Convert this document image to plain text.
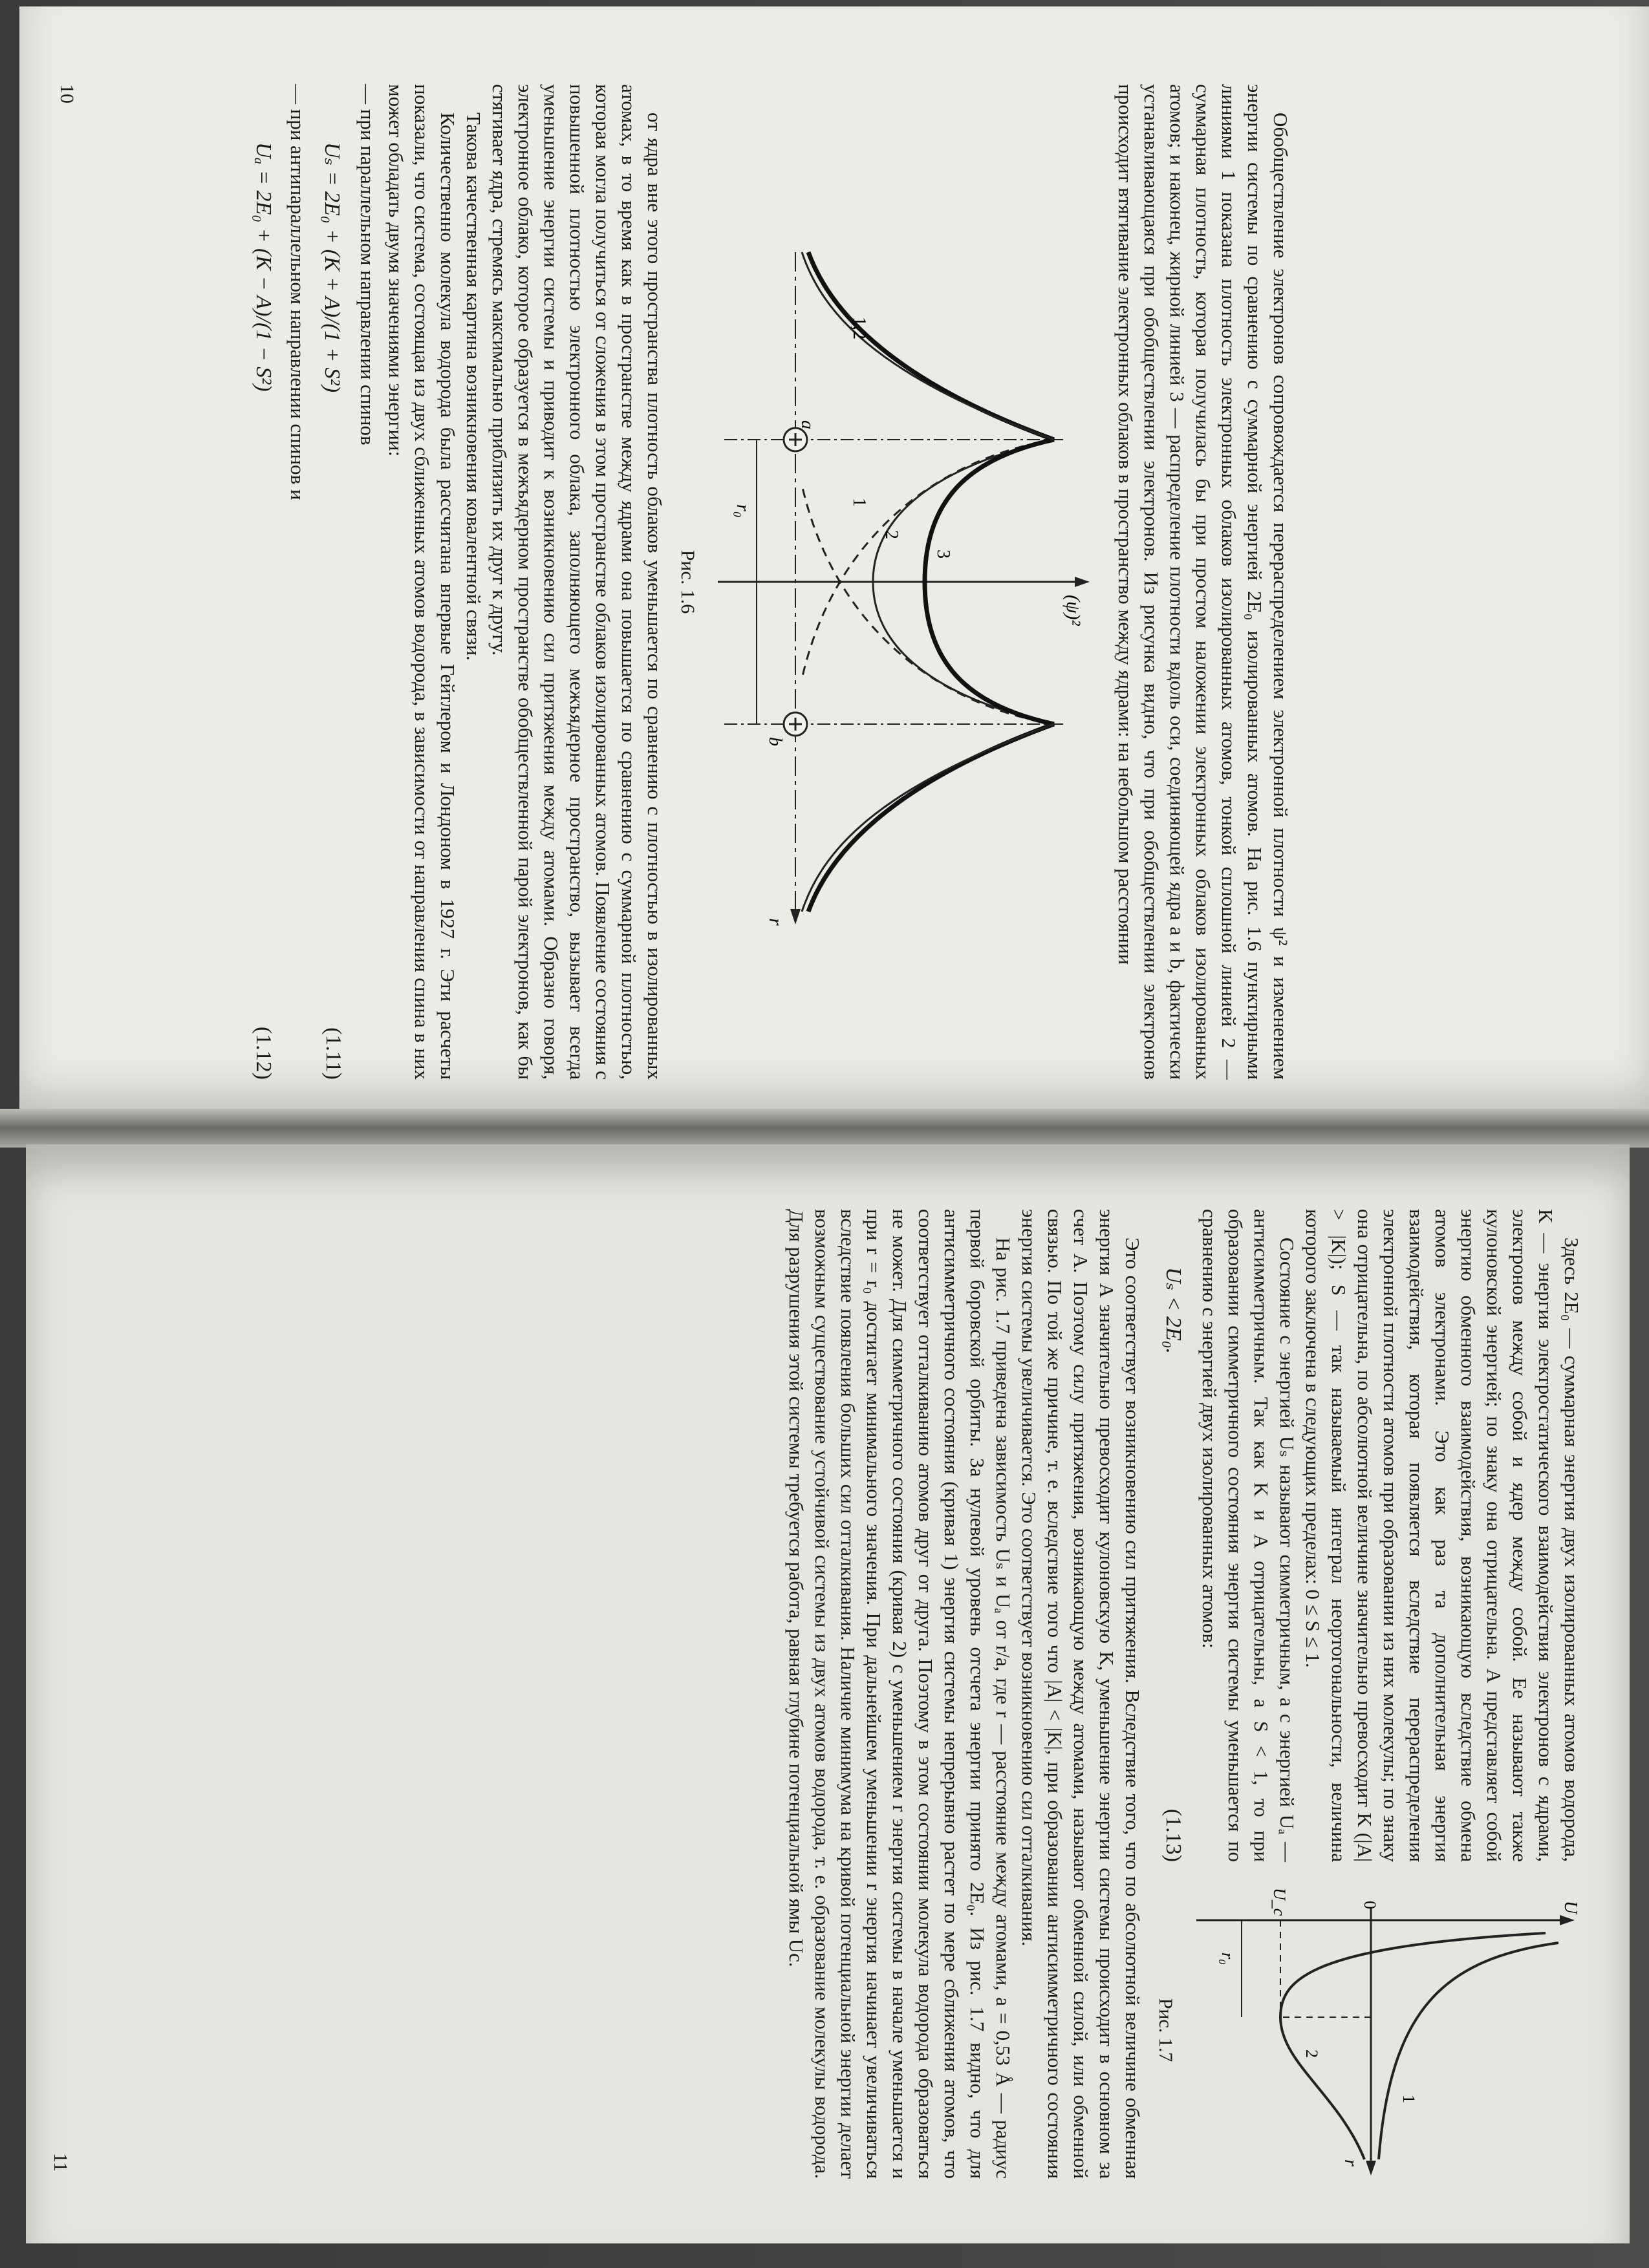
Обобществление электронов сопровождается перераспределением электронной плотности ψ² и изменением энергии системы по сравнению с суммарной энергией 2E₀ изолированных атомов. На рис. 1.6 пунктирными линиями 1 показана плотность электронных облаков изолированных атомов, тонкой сплошной линией 2 — суммарная плотность, которая получилась бы при простом наложении электронных облаков изолированных атомов; и наконец, жирной линией 3 — распределение плотности вдоль оси, соединяющей ядра a и b, фактически устанавливающаяся при обобществлении электронов. Из рисунка видно, что при обобществлении электронов происходит втягивание электронных облаков в пространство между ядрами: на небольшом расстоянии

(ψ)²
r
a
b
r₀
1
2
3
1,2
Рис. 1.6

от ядра вне этого пространства плотность облаков уменьшается по сравнению с плотностью в изолированных атомах, в то время как в пространстве между ядрами она повышается по сравнению с суммарной плотностью, которая могла получиться от сложения в этом пространстве облаков изолированных атомов. Появление состояния с повышенной плотностью электронного облака, заполняющего межъядерное пространство, вызывает всегда уменьшение энергии системы и приводит к возникновению сил притяжения между атомами. Образно говоря, электронное облако, которое образуется в межъядерном пространстве обобществленной парой электронов, как бы стягивает ядра, стремясь максимально приблизить их друг к другу.

Такова качественная картина возникновения ковалентной связи.

Количественно молекула водорода была рассчитана впервые Гейтлером и Лондоном в 1927 г. Эти расчеты показали, что система, состоящая из двух сближенных атомов водорода, в зависимости от направления спина в них может обладать двумя значениями энергии:

— при параллельном направлении спинов
Uₛ = 2E₀ + (K + A)/(1 + S²)
(1.11)
— при антипараллельном направлении спинов и
Uₐ = 2E₀ + (K − A)/(1 − S²)
(1.12)
10

Здесь 2E₀ — суммарная энергия двух изолированных атомов водорода, K — энергия электростатического взаимодействия электронов с ядрами, электронов между собой и ядер между собой. Ее называют также кулоновской энергией; по знаку она отрицательна. A представляет собой энергию обменного взаимодействия, возникающую вследствие обмена атомов электронами. Это как раз та дополнительная энергия взаимодействия, которая появляется вследствие перераспределения электронной плотности атомов при образовании из них молекулы; по знаку она отрицательна, по абсолютной величине значительно превосходит K (|A| > |K|); S — так называемый интеграл неортогональности, величина которого заключена в следующих пределах: 0 ≤ S ≤ 1.

Состояние с энергией Uₛ называют симметричным, а с энергией Uₐ — антисимметричным. Так как K и A отрицательны, а S < 1, то при образовании симметричного состояния энергия системы уменьшается по сравнению с энергией двух изолированных атомов:

Uₛ < 2E₀.
(1.13)
U
r
0
U_c
r₀
1
2
Рис. 1.7

Это соответствует возникновению сил притяжения. Вследствие того, что по абсолютной величине обменная энергия A значительно превосходит кулоновскую K, уменьшение энергии системы происходит в основном за счет A. Поэтому силу притяжения, возникающую между атомами, называют обменной силой, или обменной связью. По той же причине, т. е. вследствие того что |A| < |K|, при образовании антисимметричного состояния энергия системы увеличивается. Это соответствует возникновению сил отталкивания.

На рис. 1.7 приведена зависимость Uₛ и Uₐ от r/a, где r — расстояние между атомами, a = 0,53 Å — радиус первой боровской орбиты. За нулевой уровень отсчета энергии принято 2E₀. Из рис. 1.7 видно, что для антисимметричного состояния (кривая 1) энергия системы непрерывно растет по мере сближения атомов, что соответствует отталкиванию атомов друг от друга. Поэтому в этом состоянии молекула водорода образоваться не может. Для симметричного состояния (кривая 2) с уменьшением r энергия системы в начале уменьшается и при r = r₀ достигает минимального значения. При дальнейшем уменьшении r энергия начинает увеличиваться вследствие появления больших сил отталкивания. Наличие минимума на кривой потенциальной энергии делает возможным существование устойчивой системы из двух атомов водорода, т. е. образование молекулы водорода. Для разрушения этой системы требуется работа, равная глубине потенциальной ямы Uc.

11
